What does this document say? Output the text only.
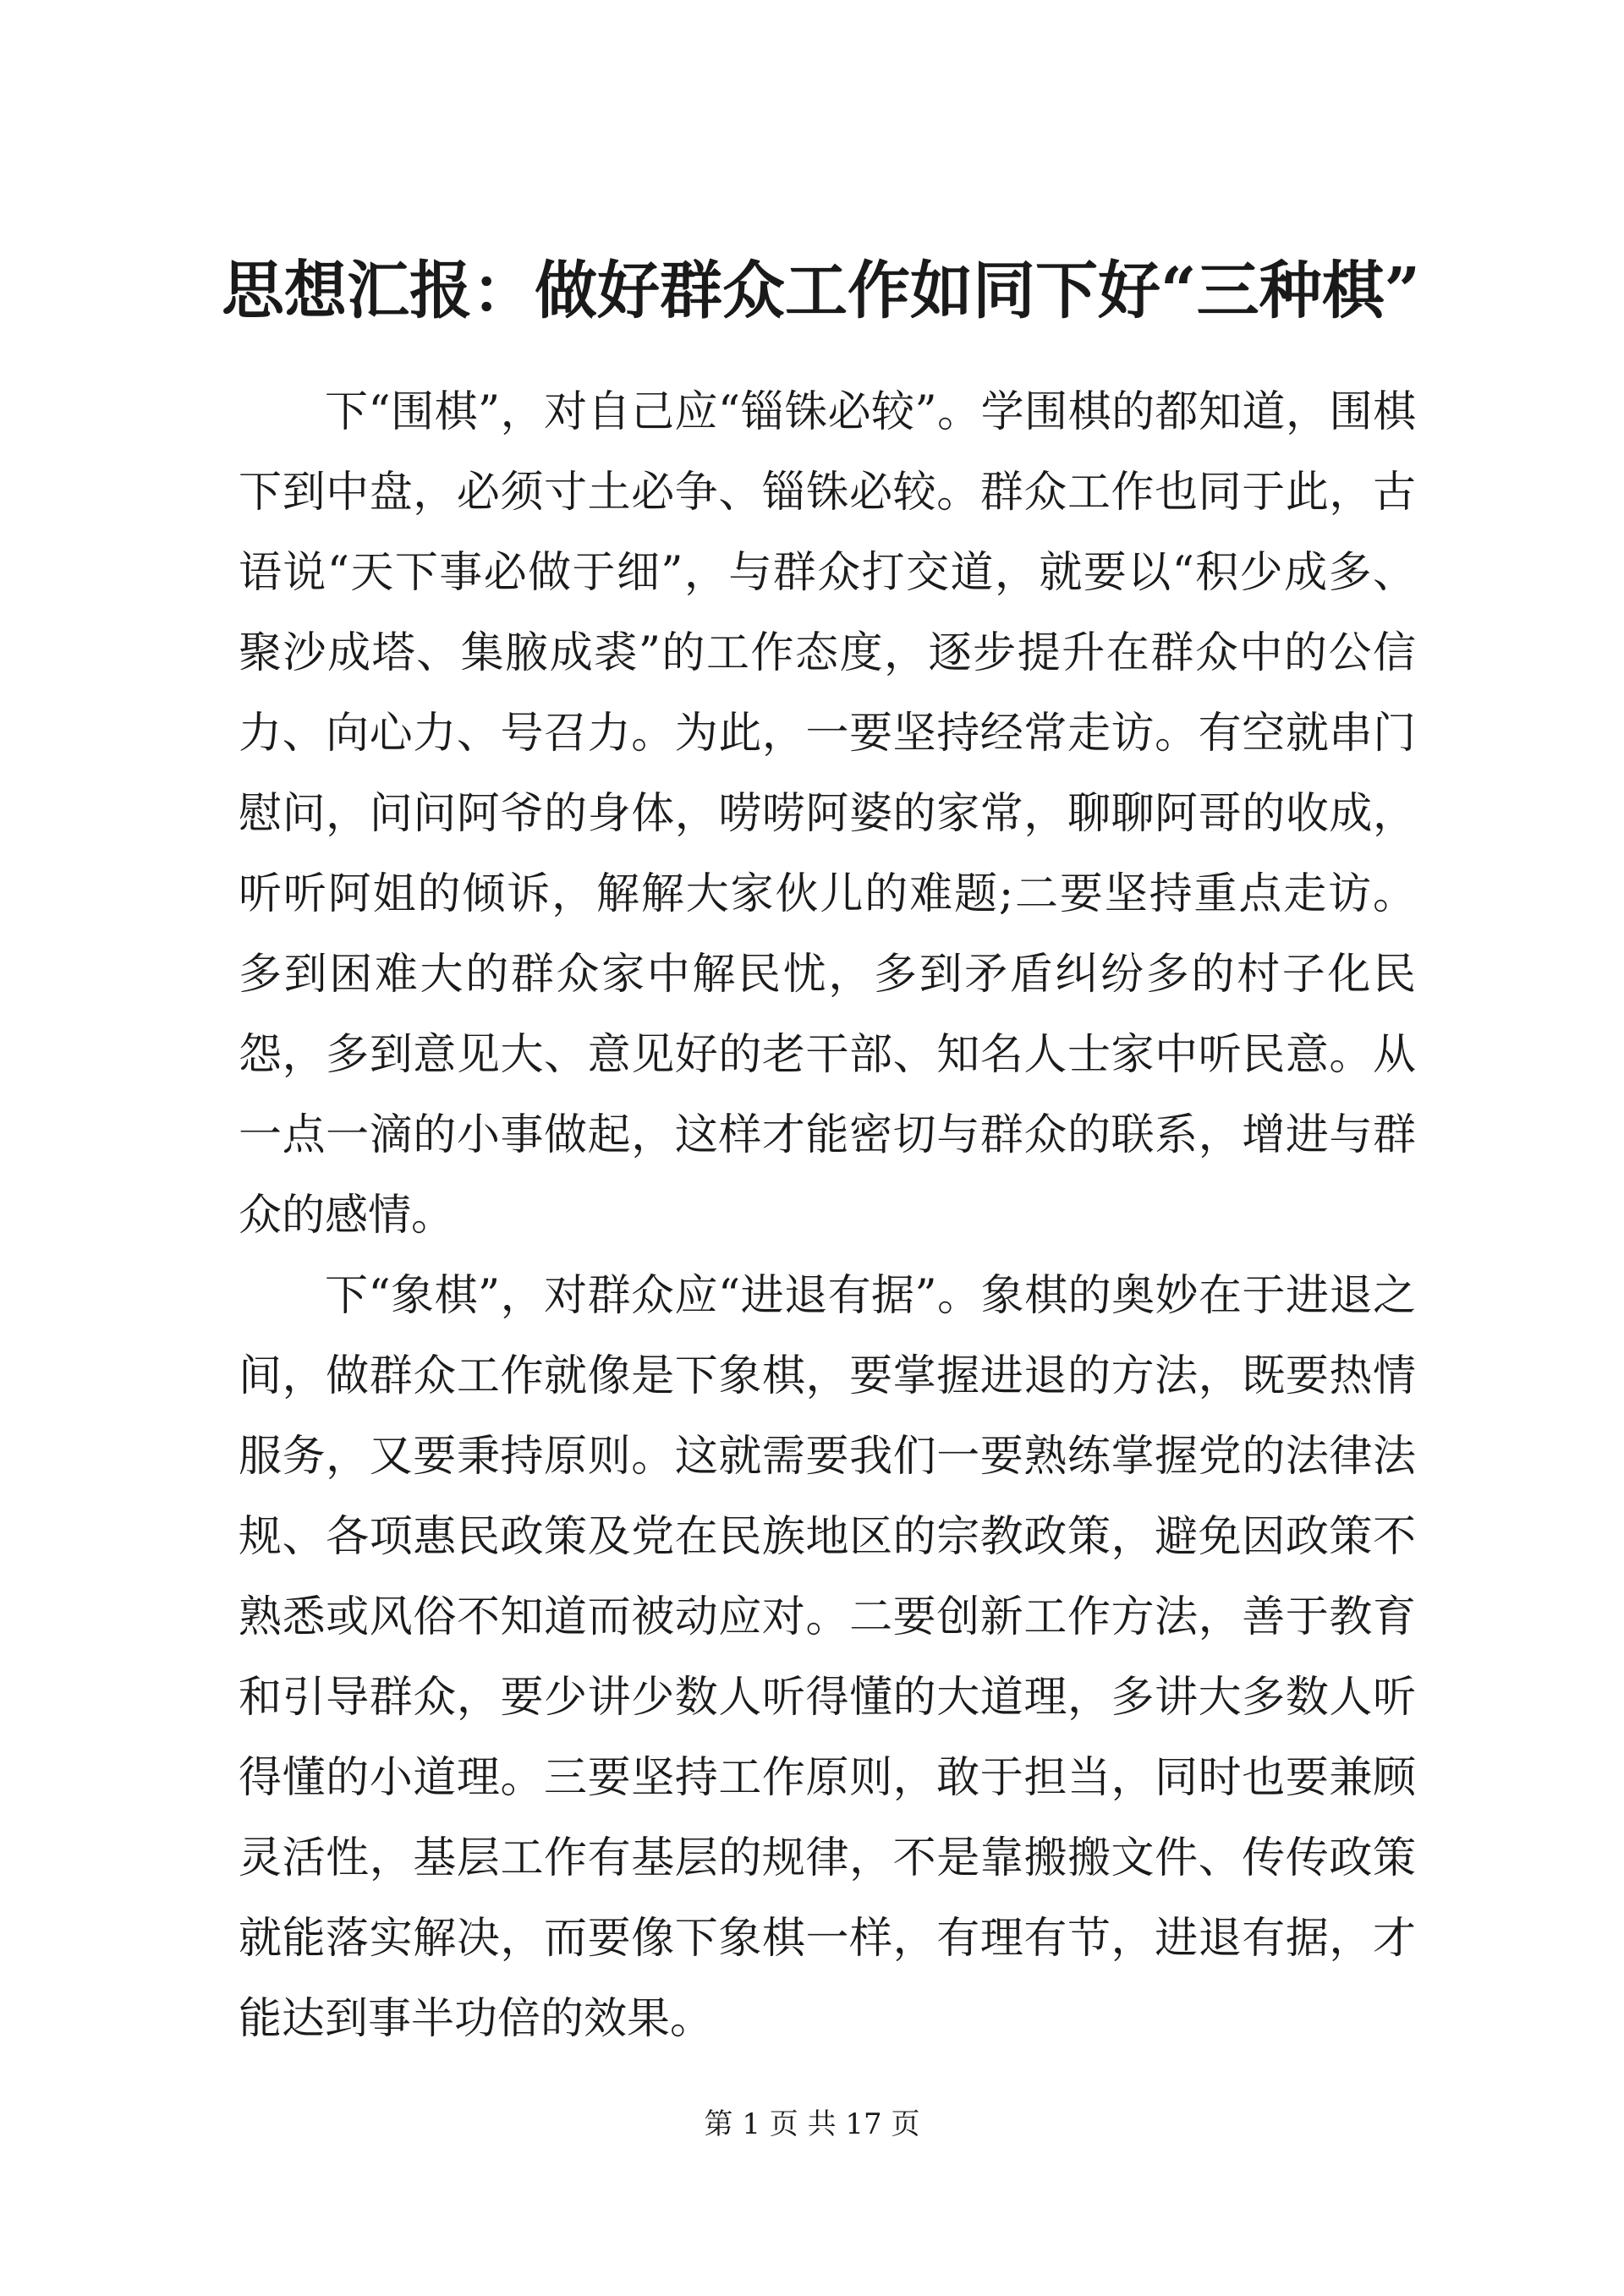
思想汇报：做好群众工作如同下好“三种棋”

下“围棋”，对自己应“锱铢必较”。学围棋的都知道，围棋下到中盘，必须寸土必争、锱铢必较。群众工作也同于此，古语说“天下事必做于细”，与群众打交道，就要以“积少成多、聚沙成塔、集腋成裘”的工作态度，逐步提升在群众中的公信力、向心力、号召力。为此，一要坚持经常走访。有空就串门慰问，问问阿爷的身体，唠唠阿婆的家常，聊聊阿哥的收成，听听阿姐的倾诉，解解大家伙儿的难题;二要坚持重点走访。多到困难大的群众家中解民忧，多到矛盾纠纷多的村子化民怨，多到意见大、意见好的老干部、知名人士家中听民意。从一点一滴的小事做起，这样才能密切与群众的联系，增进与群众的感情。

下“象棋”，对群众应“进退有据”。象棋的奥妙在于进退之间，做群众工作就像是下象棋，要掌握进退的方法，既要热情服务，又要秉持原则。这就需要我们一要熟练掌握党的法律法规、各项惠民政策及党在民族地区的宗教政策，避免因政策不熟悉或风俗不知道而被动应对。二要创新工作方法，善于教育和引导群众，要少讲少数人听得懂的大道理，多讲大多数人听得懂的小道理。三要坚持工作原则，敢于担当，同时也要兼顾灵活性，基层工作有基层的规律，不是靠搬搬文件、传传政策就能落实解决，而要像下象棋一样，有理有节，进退有据，才能达到事半功倍的效果。

第 1 页 共 17 页
